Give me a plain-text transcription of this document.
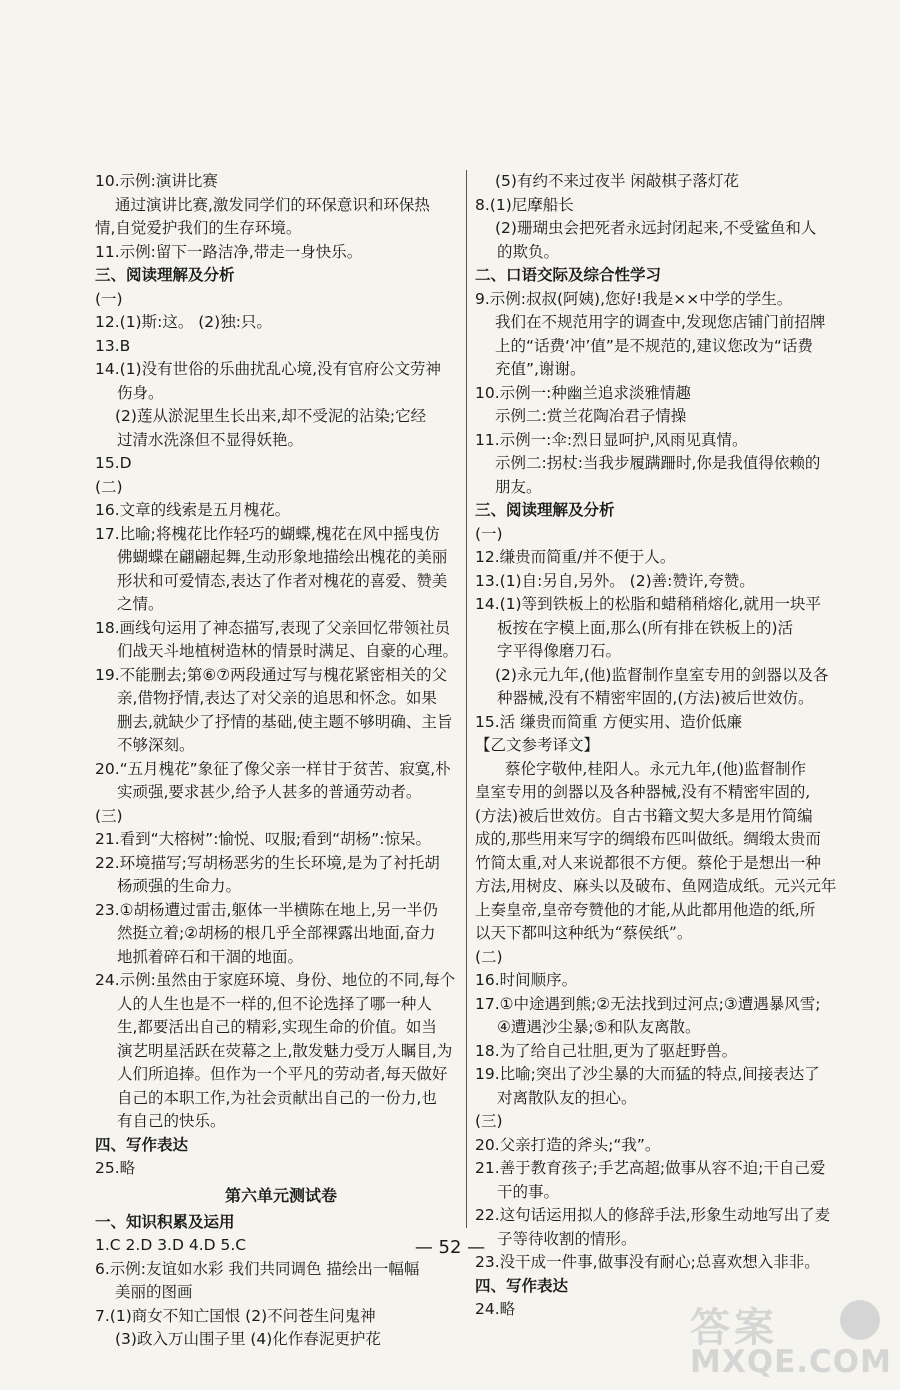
10.示例:演讲比赛
通过演讲比赛,激发同学们的环保意识和环保热
情,自觉爱护我们的生存环境。
11.示例:留下一路洁净,带走一身快乐。
三、阅读理解及分析
(一)
12.(1)斯:这。 (2)独:只。
13.B
14.(1)没有世俗的乐曲扰乱心境,没有官府公文劳神
伤身。
(2)莲从淤泥里生长出来,却不受泥的沾染;它经
过清水洗涤但不显得妖艳。
15.D
(二)
16.文章的线索是五月槐花。
17.比喻;将槐花比作轻巧的蝴蝶,槐花在风中摇曳仿
佛蝴蝶在翩翩起舞,生动形象地描绘出槐花的美丽
形状和可爱情态,表达了作者对槐花的喜爱、赞美
之情。
18.画线句运用了神态描写,表现了父亲回忆带领社员
们战天斗地植树造林的情景时满足、自豪的心理。
19.不能删去;第⑥⑦两段通过写与槐花紧密相关的父
亲,借物抒情,表达了对父亲的追思和怀念。如果
删去,就缺少了抒情的基础,使主题不够明确、主旨
不够深刻。
20.“五月槐花”象征了像父亲一样甘于贫苦、寂寞,朴
实顽强,要求甚少,给予人甚多的普通劳动者。
(三)
21.看到“大榕树”:愉悦、叹服;看到“胡杨”:惊呆。
22.环境描写;写胡杨恶劣的生长环境,是为了衬托胡
杨顽强的生命力。
23.①胡杨遭过雷击,躯体一半横陈在地上,另一半仍
然挺立着;②胡杨的根几乎全部裸露出地面,奋力
地抓着碎石和干涸的地面。
24.示例:虽然由于家庭环境、身份、地位的不同,每个
人的人生也是不一样的,但不论选择了哪一种人
生,都要活出自己的精彩,实现生命的价值。如当
演艺明星活跃在荧幕之上,散发魅力受万人瞩目,为
人们所追捧。但作为一个平凡的劳动者,每天做好
自己的本职工作,为社会贡献出自己的一份力,也
有自己的快乐。
四、写作表达
25.略
第六单元测试卷
一、知识积累及运用
1.C 2.D 3.D 4.D 5.C
6.示例:友谊如水彩 我们共同调色 描绘出一幅幅
美丽的图画
7.(1)商女不知亡国恨 (2)不问苍生问鬼神
(3)政入万山围子里 (4)化作春泥更护花
(5)有约不来过夜半 闲敲棋子落灯花
8.(1)尼摩船长
(2)珊瑚虫会把死者永远封闭起来,不受鲨鱼和人
的欺负。
二、口语交际及综合性学习
9.示例:叔叔(阿姨),您好!我是××中学的学生。
我们在不规范用字的调查中,发现您店铺门前招牌
上的“话费‘冲’值”是不规范的,建议您改为“话费
充值”,谢谢。
10.示例一:种幽兰追求淡雅情趣
示例二:赏兰花陶冶君子情操
11.示例一:伞:烈日显呵护,风雨见真情。
示例二:拐杖:当我步履蹒跚时,你是我值得依赖的
朋友。
三、阅读理解及分析
(一)
12.缣贵而简重/并不便于人。
13.(1)自:另自,另外。 (2)善:赞许,夸赞。
14.(1)等到铁板上的松脂和蜡稍稍熔化,就用一块平
板按在字模上面,那么(所有排在铁板上的)活
字平得像磨刀石。
(2)永元九年,(他)监督制作皇室专用的剑器以及各
种器械,没有不精密牢固的,(方法)被后世效仿。
15.活 缣贵而简重 方便实用、造价低廉
【乙文参考译文】
蔡伦字敬仲,桂阳人。永元九年,(他)监督制作
皇室专用的剑器以及各种器械,没有不精密牢固的,
(方法)被后世效仿。自古书籍文契大多是用竹简编
成的,那些用来写字的绸缎布匹叫做纸。绸缎太贵而
竹简太重,对人来说都很不方便。蔡伦于是想出一种
方法,用树皮、麻头以及破布、鱼网造成纸。元兴元年
上奏皇帝,皇帝夸赞他的才能,从此都用他造的纸,所
以天下都叫这种纸为“蔡侯纸”。
(二)
16.时间顺序。
17.①中途遇到熊;②无法找到过河点;③遭遇暴风雪;
④遭遇沙尘暴;⑤和队友离散。
18.为了给自己壮胆,更为了驱赶野兽。
19.比喻;突出了沙尘暴的大而猛的特点,间接表达了
对离散队友的担心。
(三)
20.父亲打造的斧头;“我”。
21.善于教育孩子;手艺高超;做事从容不迫;干自己爱
干的事。
22.这句话运用拟人的修辞手法,形象生动地写出了麦
子等待收割的情形。
23.没干成一件事,做事没有耐心;总喜欢想入非非。
四、写作表达
24.略
— 52 —
答案
MXQE.COM
